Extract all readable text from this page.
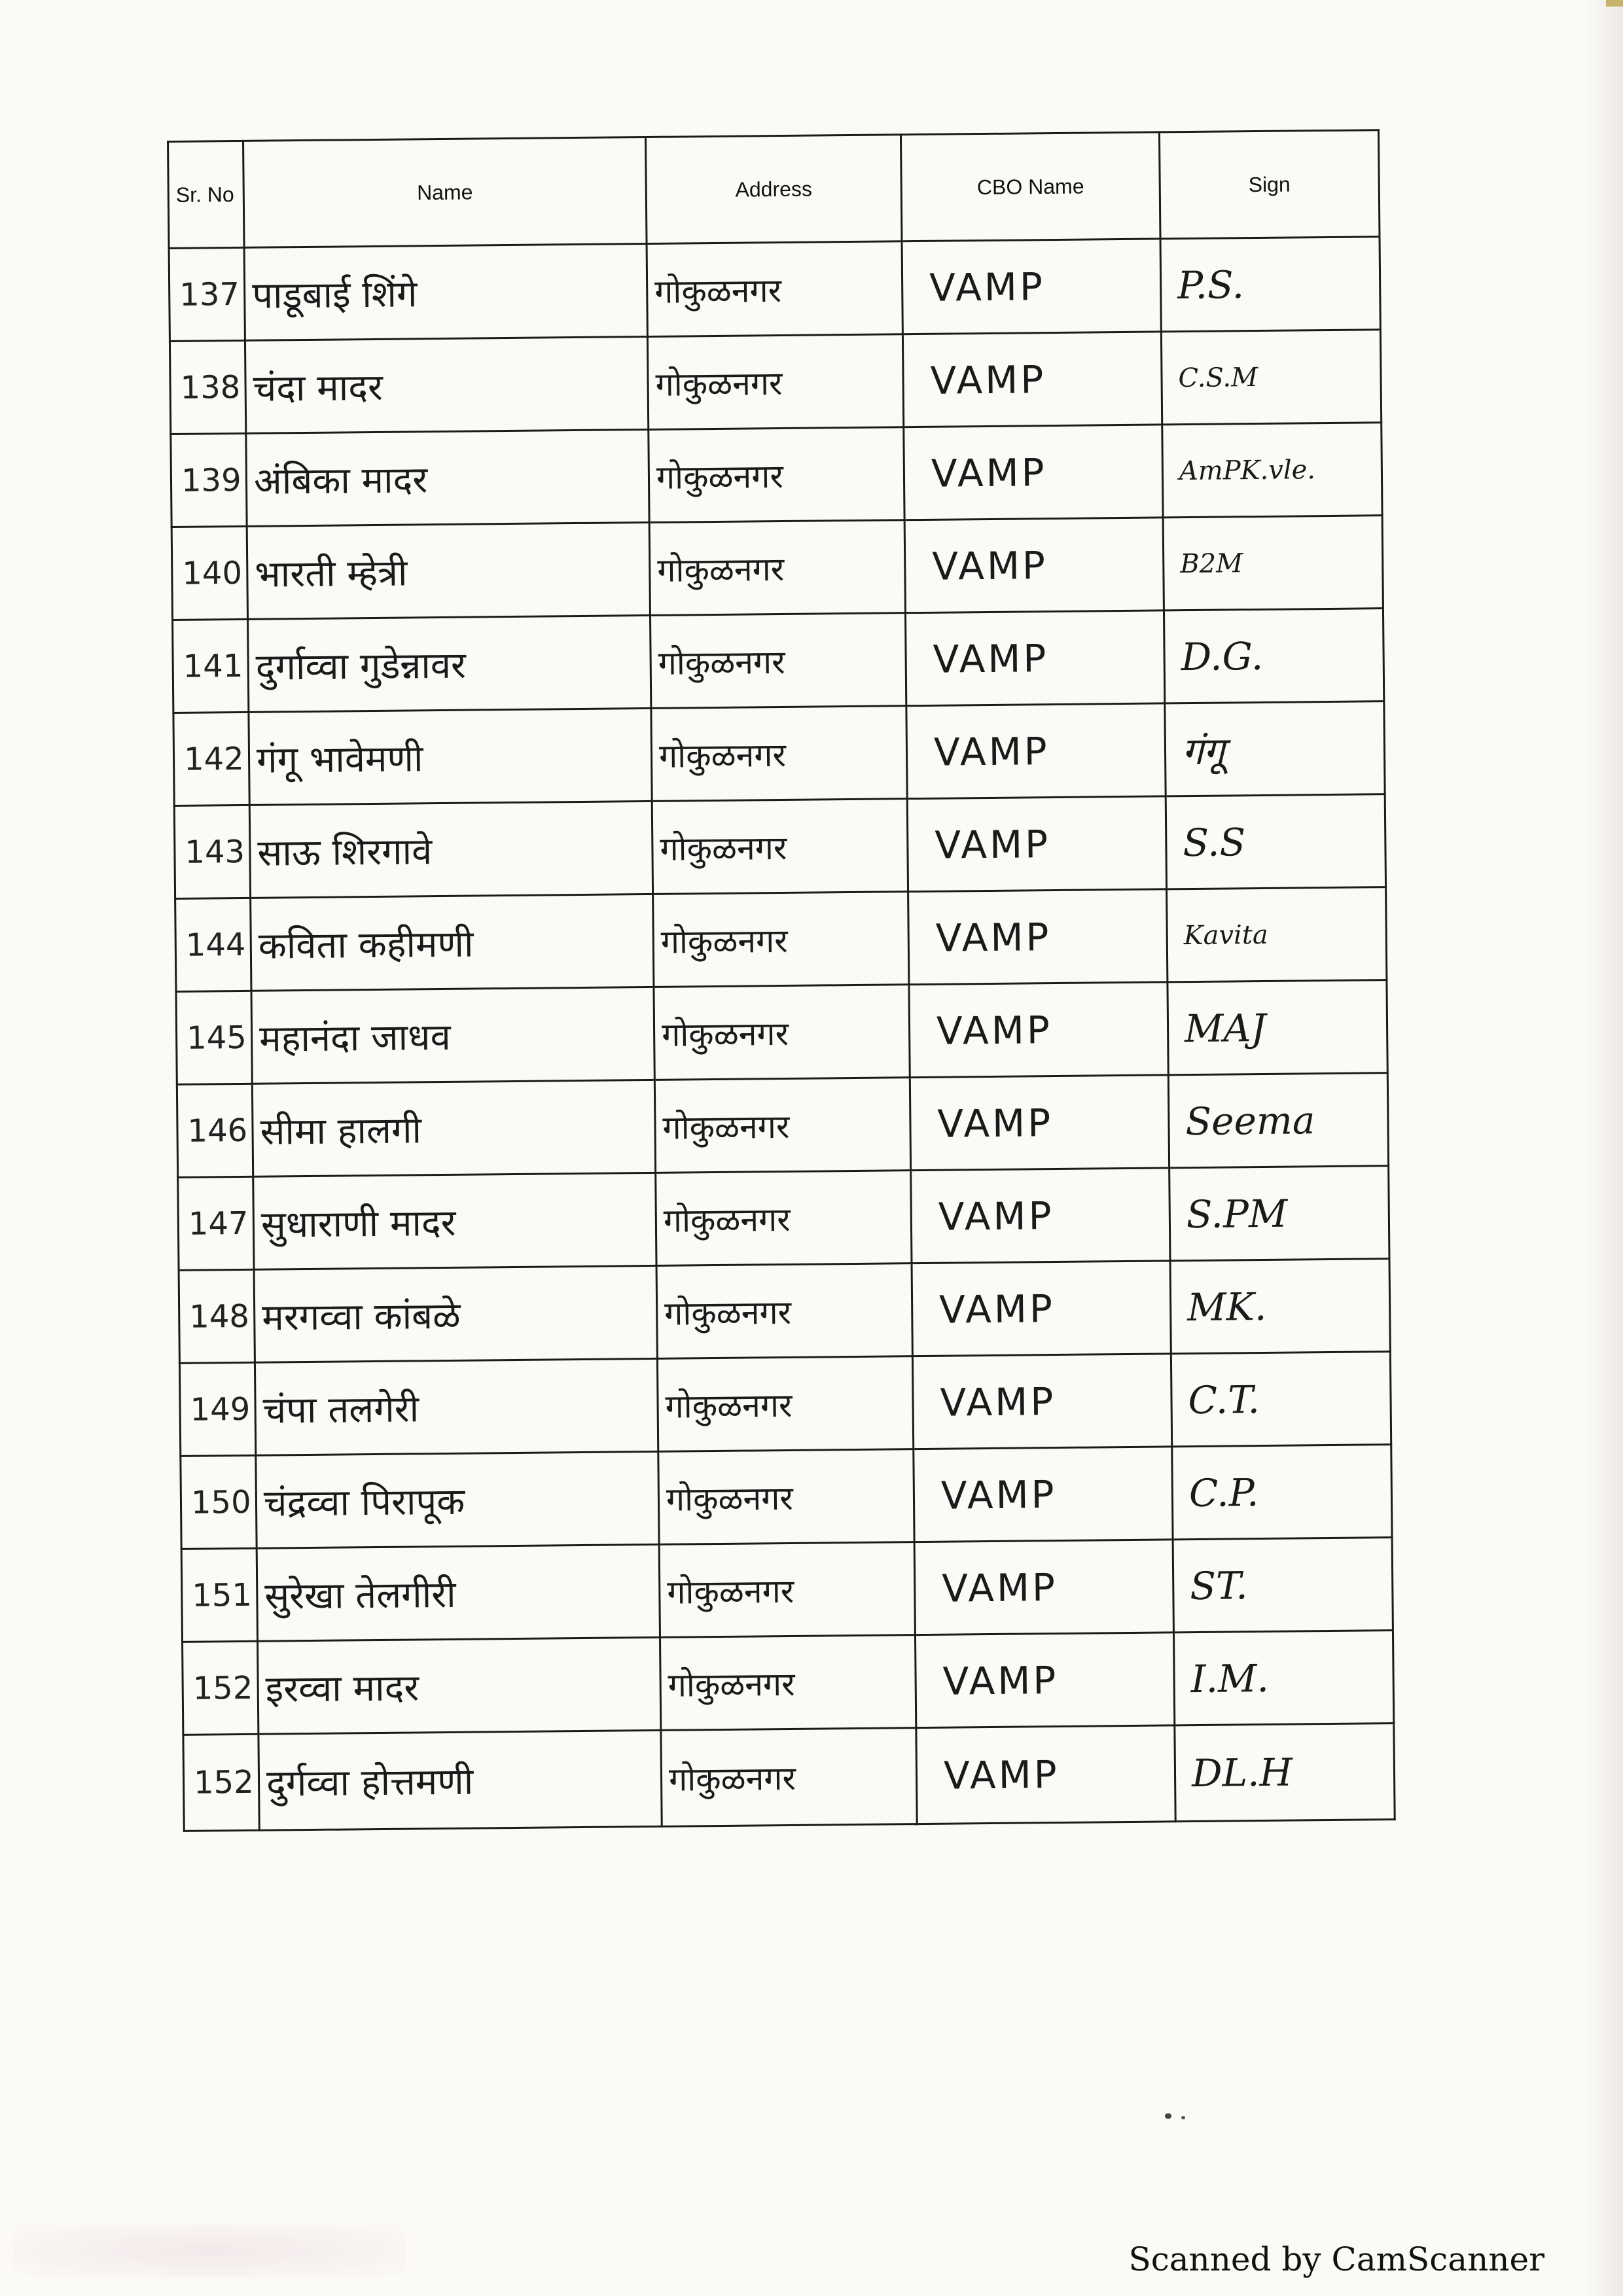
Sr. No	Name	Address	CBO Name	Sign
137	पाडूबाई शिंगे	गोकुळनगर	VAMP	P.S.
138	चंदा मादर	गोकुळनगर	VAMP	C.S.M
139	अंबिका मादर	गोकुळनगर	VAMP	AmPK.vle.
140	भारती म्हेत्री	गोकुळनगर	VAMP	B2M
141	दुर्गाव्वा गुडेन्नावर	गोकुळनगर	VAMP	D.G.
142	गंगू भावेमणी	गोकुळनगर	VAMP	गंगू
143	साऊ शिरगावे	गोकुळनगर	VAMP	S.S
144	कविता कहीमणी	गोकुळनगर	VAMP	Kavita
145	महानंदा जाधव	गोकुळनगर	VAMP	MAJ
146	सीमा हालगी	गोकुळनगर	VAMP	Seema
147	सुधाराणी मादर	गोकुळनगर	VAMP	S.PM
148	मरगव्वा कांबळे	गोकुळनगर	VAMP	MK.
149	चंपा तलगेरी	गोकुळनगर	VAMP	C.T.
150	चंद्रव्वा पिरापूक	गोकुळनगर	VAMP	C.P.
151	सुरेखा तेलगीरी	गोकुळनगर	VAMP	ST.
152	इरव्वा मादर	गोकुळनगर	VAMP	I.M.
152	दुर्गव्वा होत्तमणी	गोकुळनगर	VAMP	DL.H
Scanned by CamScanner
